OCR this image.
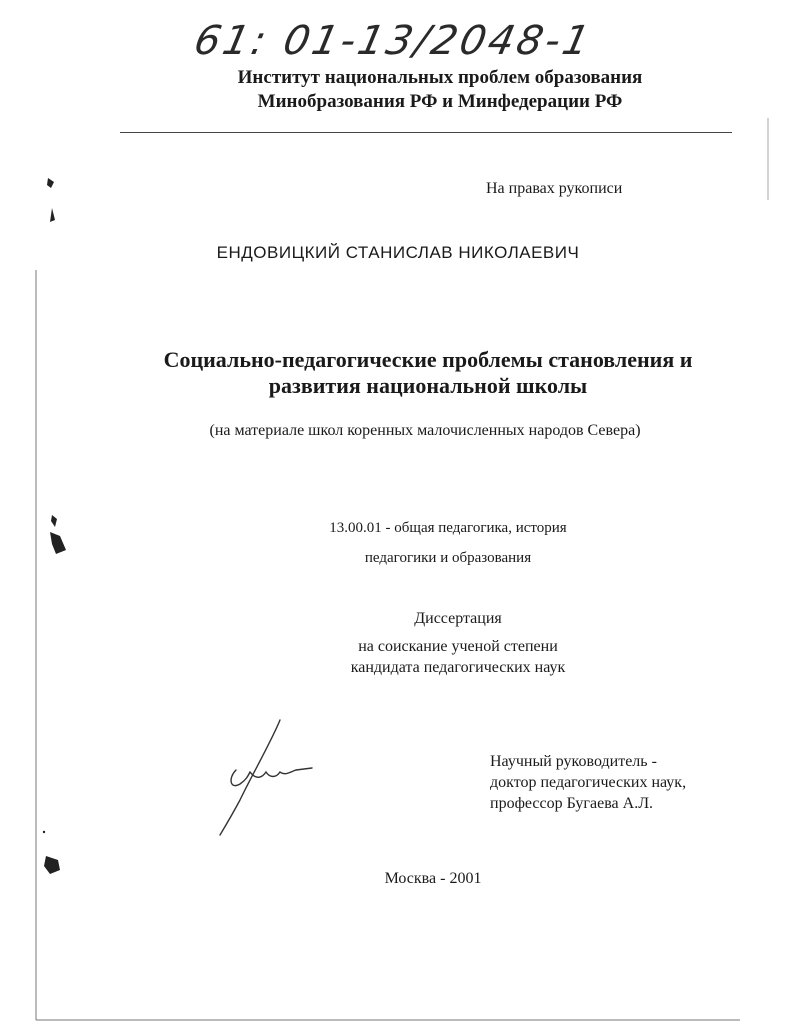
61: 01-13/2048-1
Институт национальных проблем образования
Минобразования РФ и Минфедерации РФ
На правах рукописи
ЕНДОВИЦКИЙ СТАНИСЛАВ НИКОЛАЕВИЧ
Социально-педагогические проблемы становления и
развития национальной школы
(на материале школ коренных малочисленных народов Севера)
13.00.01 - общая педагогика, история
педагогики и образования
Диссертация
на соискание ученой степени
кандидата педагогических наук
Научный руководитель -
доктор педагогических наук,
профессор Бугаева А.Л.
Москва - 2001
